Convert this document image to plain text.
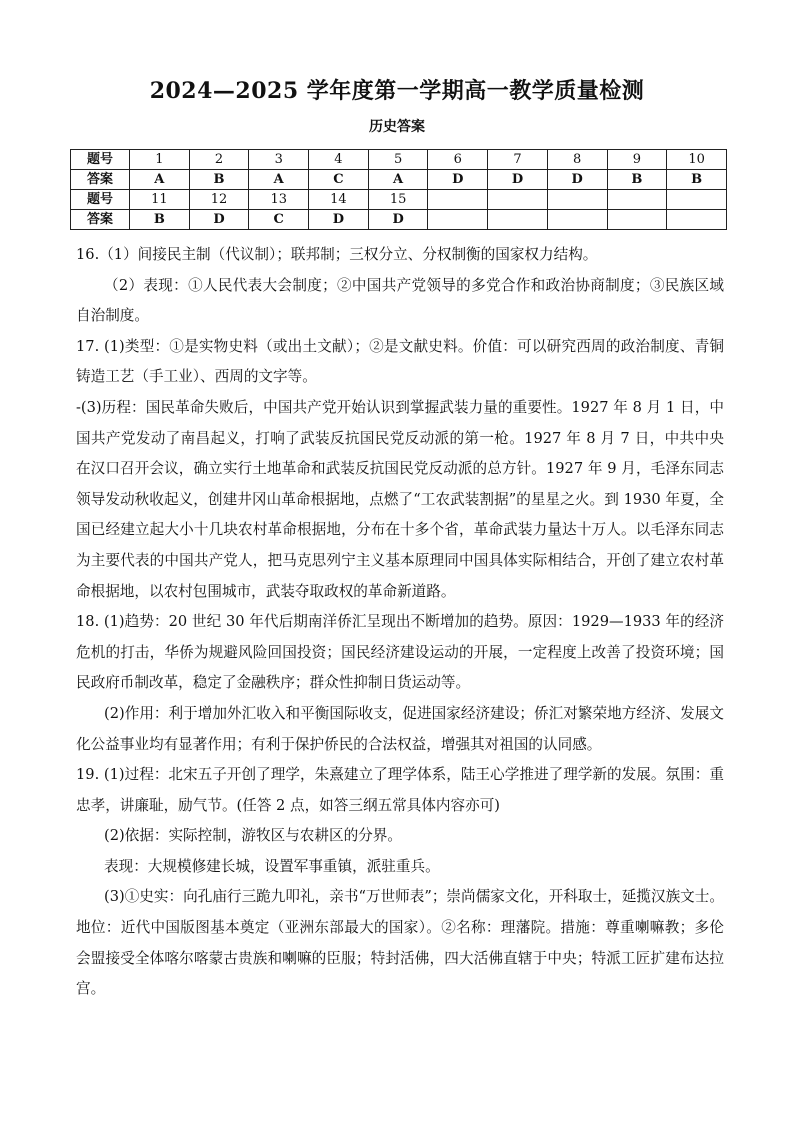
2024—2025 学年度第一学期高一教学质量检测
历史答案
题号	1	2	3	4	5	6	7	8	9	10
答案	A	B	A	C	A	D	D	D	B	B
题号	11	12	13	14	15					
答案	B	D	C	D	D					

16.（1）间接民主制（代议制）；联邦制；三权分立、分权制衡的国家权力结构。

（2）表现：①人民代表大会制度；②中国共产党领导的多党合作和政治协商制度；③民族区域自治制度。

17. (1)类型：①是实物史料（或出土文献）；②是文献史料。价值：可以研究西周的政治制度、青铜铸造工艺（手工业）、西周的文字等。

-(3)历程：国民革命失败后，中国共产党开始认识到掌握武装力量的重要性。1927 年 8 月 1 日，中国共产党发动了南昌起义，打响了武装反抗国民党反动派的第一枪。1927 年 8 月 7 日，中共中央在汉口召开会议，确立实行土地革命和武装反抗国民党反动派的总方针。1927 年 9 月，毛泽东同志领导发动秋收起义，创建井冈山革命根据地，点燃了“工农武装割据”的星星之火。到 1930 年夏，全国已经建立起大小十几块农村革命根据地，分布在十多个省，革命武装力量达十万人。以毛泽东同志为主要代表的中国共产党人，把马克思列宁主义基本原理同中国具体实际相结合，开创了建立农村革命根据地，以农村包围城市，武装夺取政权的革命新道路。

18. (1)趋势：20 世纪 30 年代后期南洋侨汇呈现出不断增加的趋势。原因：1929—1933 年的经济危机的打击，华侨为规避风险回国投资；国民经济建设运动的开展，一定程度上改善了投资环境；国民政府币制改革，稳定了金融秩序；群众性抑制日货运动等。

(2)作用：利于增加外汇收入和平衡国际收支，促进国家经济建设；侨汇对繁荣地方经济、发展文化公益事业均有显著作用；有利于保护侨民的合法权益，增强其对祖国的认同感。

19. (1)过程：北宋五子开创了理学，朱熹建立了理学体系，陆王心学推进了理学新的发展。氛围：重忠孝，讲廉耻，励气节。(任答 2 点，如答三纲五常具体内容亦可)

(2)依据：实际控制，游牧区与农耕区的分界。

表现：大规模修建长城，设置军事重镇，派驻重兵。

(3)①史实：向孔庙行三跪九叩礼，亲书“万世师表”；崇尚儒家文化，开科取士，延揽汉族文士。地位：近代中国版图基本奠定（亚洲东部最大的国家）。②名称：理藩院。措施：尊重喇嘛教；多伦会盟接受全体喀尔喀蒙古贵族和喇嘛的臣服；特封活佛，四大活佛直辖于中央；特派工匠扩建布达拉宫。
